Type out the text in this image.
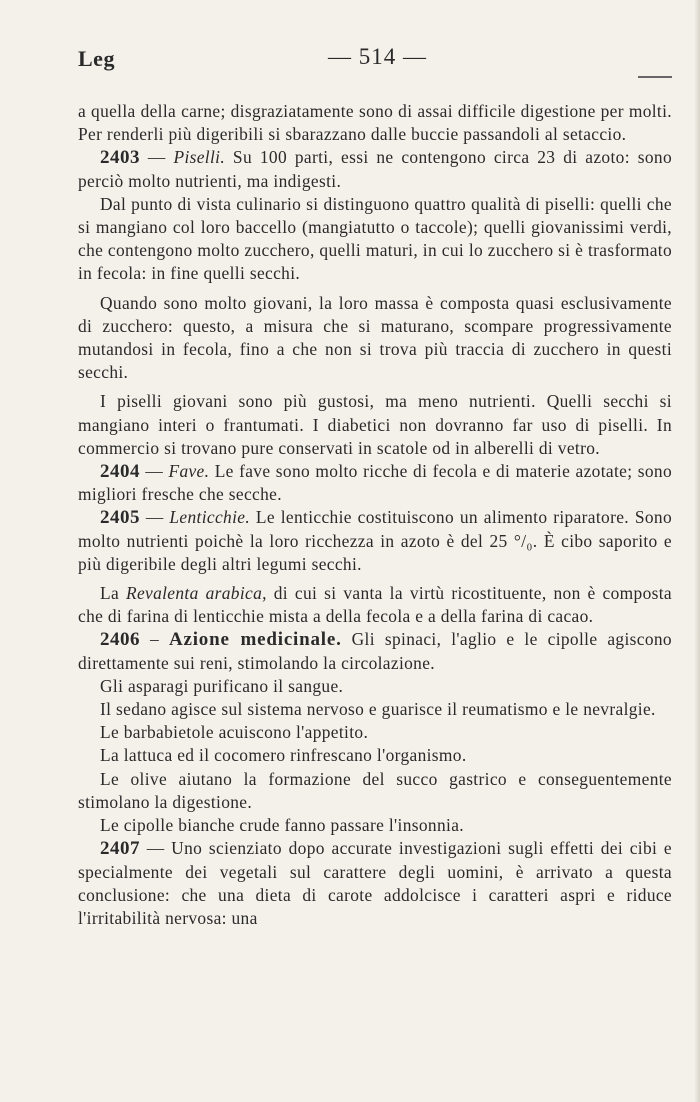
Leg	— 514 —

a quella della carne; disgraziatamente sono di assai difficile digestione per molti. Per renderli più digeribili si sbarazzano dalle buccie passandoli al setaccio.

2403 — Piselli. Su 100 parti, essi ne contengono circa 23 di azoto: sono perciò molto nutrienti, ma indigesti.

Dal punto di vista culinario si distinguono quattro qualità di piselli: quelli che si mangiano col loro baccello (mangiatutto o taccole); quelli giovanissimi verdi, che contengono molto zucchero, quelli maturi, in cui lo zucchero si è trasformato in fecola: in fine quelli secchi.

Quando sono molto giovani, la loro massa è composta quasi esclusivamente di zucchero: questo, a misura che si maturano, scompare progressivamente mutandosi in fecola, fino a che non si trova più traccia di zucchero in questi secchi.

I piselli giovani sono più gustosi, ma meno nutrienti. Quelli secchi si mangiano interi o frantumati. I diabetici non dovranno far uso di piselli. In commercio si trovano pure conservati in scatole od in alberelli di vetro.

2404 — Fave. Le fave sono molto ricche di fecola e di materie azotate; sono migliori fresche che secche.

2405 — Lenticchie. Le lenticchie costituiscono un alimento riparatore. Sono molto nutrienti poichè la loro ricchezza in azoto è del 25 °/₀. È cibo saporito e più digeribile degli altri legumi secchi.

La Revalenta arabica, di cui si vanta la virtù ricostituente, non è composta che di farina di lenticchie mista a della fecola e a della farina di cacao.

2406 – Azione medicinale. Gli spinaci, l'aglio e le cipolle agiscono direttamente sui reni, stimolando la circolazione.

Gli asparagi purificano il sangue.

Il sedano agisce sul sistema nervoso e guarisce il reumatismo e le nevralgie.

Le barbabietole acuiscono l'appetito.

La lattuca ed il cocomero rinfrescano l'organismo.

Le olive aiutano la formazione del succo gastrico e conseguentemente stimolano la digestione.

Le cipolle bianche crude fanno passare l'insonnia.

2407 — Uno scienziato dopo accurate investigazioni sugli effetti dei cibi e specialmente dei vegetali sul carattere degli uomini, è arrivato a questa conclusione: che una dieta di carote addolcisce i caratteri aspri e riduce l'irritabilità nervosa: una
